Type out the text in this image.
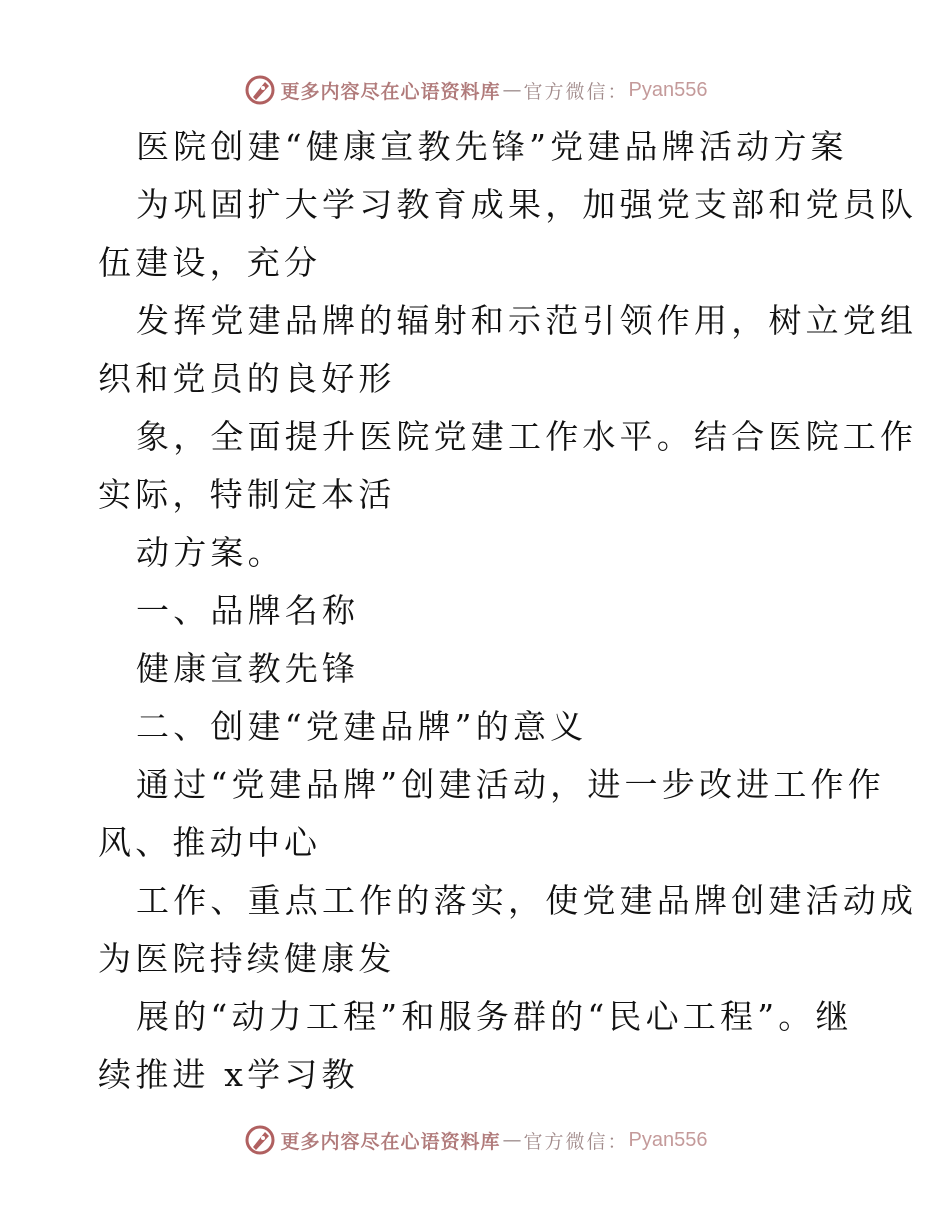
更多内容尽在心语资料库 — 官方微信： Pyan556
医院创建“健康宣教先锋”党建品牌活动方案
为巩固扩大学习教育成果，加强党支部和党员队
伍建设，充分
发挥党建品牌的辐射和示范引领作用，树立党组
织和党员的良好形
象，全面提升医院党建工作水平。结合医院工作
实际，特制定本活
动方案。
一、品牌名称
健康宣教先锋
二、创建“党建品牌”的意义
通过“党建品牌”创建活动，进一步改进工作作
风、推动中心
工作、重点工作的落实，使党建品牌创建活动成
为医院持续健康发
展的“动力工程”和服务群的“民心工程”。继
续推进 x学习教
更多内容尽在心语资料库 — 官方微信： Pyan556
